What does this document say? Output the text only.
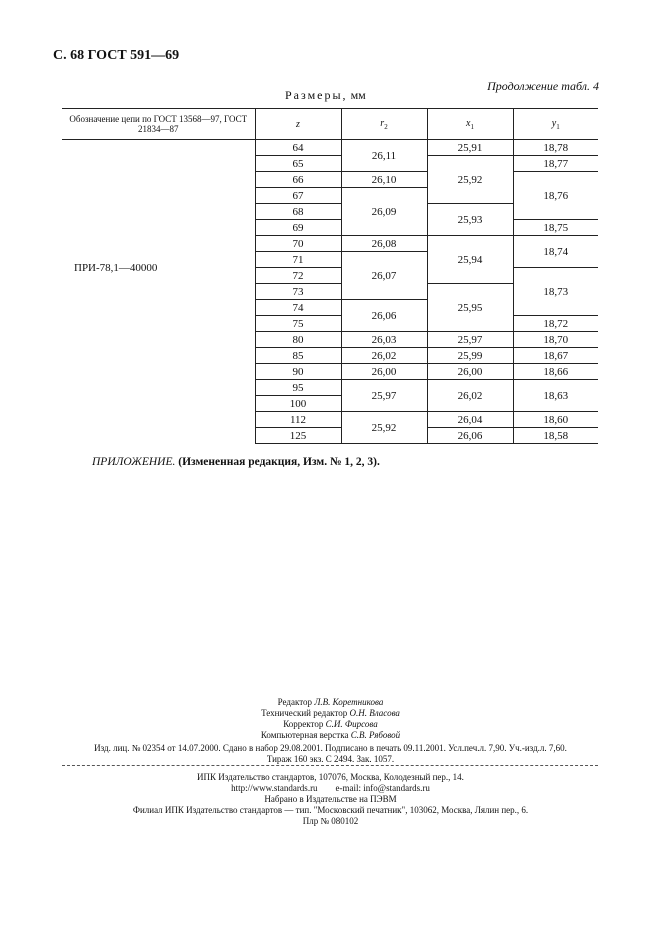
С. 68 ГОСТ 591—69
Продолжение табл. 4
Размеры, мм
Обозначение цепи по ГОСТ 13568—97, ГОСТ 21834—87	z	$r_2$	$x_1$	$y_1$
	64	26,11	25,91	18,78
	65		25,92	18,77
	66	26,10		18,76
	67	26,09		
	68		25,93	
	69			18,75
	70	26,08	25,94	18,74
ПРИ-78,1—40000	71	26,07		
	72			18,73
	73		25,95	
	74	26,06		
	75			18,72
	80	26,03	25,97	18,70
	85	26,02	25,99	18,67
	90	26,00	26,00	18,66
	95	25,97	26,02	18,63
	100			
	112	25,92	26,04	18,60
	125		26,06	18,58
ПРИЛОЖЕНИЕ. (Измененная редакция, Изм. № 1, 2, 3).
Редактор Л.В. Коретникова
Технический редактор О.Н. Власова
Корректор С.И. Фирсова
Компьютерная верстка С.В. Рябовой
Изд. лиц. № 02354 от 14.07.2000. Сдано в набор 29.08.2001. Подписано в печать 09.11.2001. Усл.печ.л. 7,90. Уч.-изд.л. 7,60.
Тираж 160 экз. С 2494. Зак. 1057.
ИПК Издательство стандартов, 107076, Москва, Колодезный пер., 14.
http://www.standards.ru        e-mail: info@standards.ru
Набрано в Издательстве на ПЭВМ
Филиал ИПК Издательство стандартов — тип. "Московский печатник", 103062, Москва, Лялин пер., 6.
Плр № 080102
